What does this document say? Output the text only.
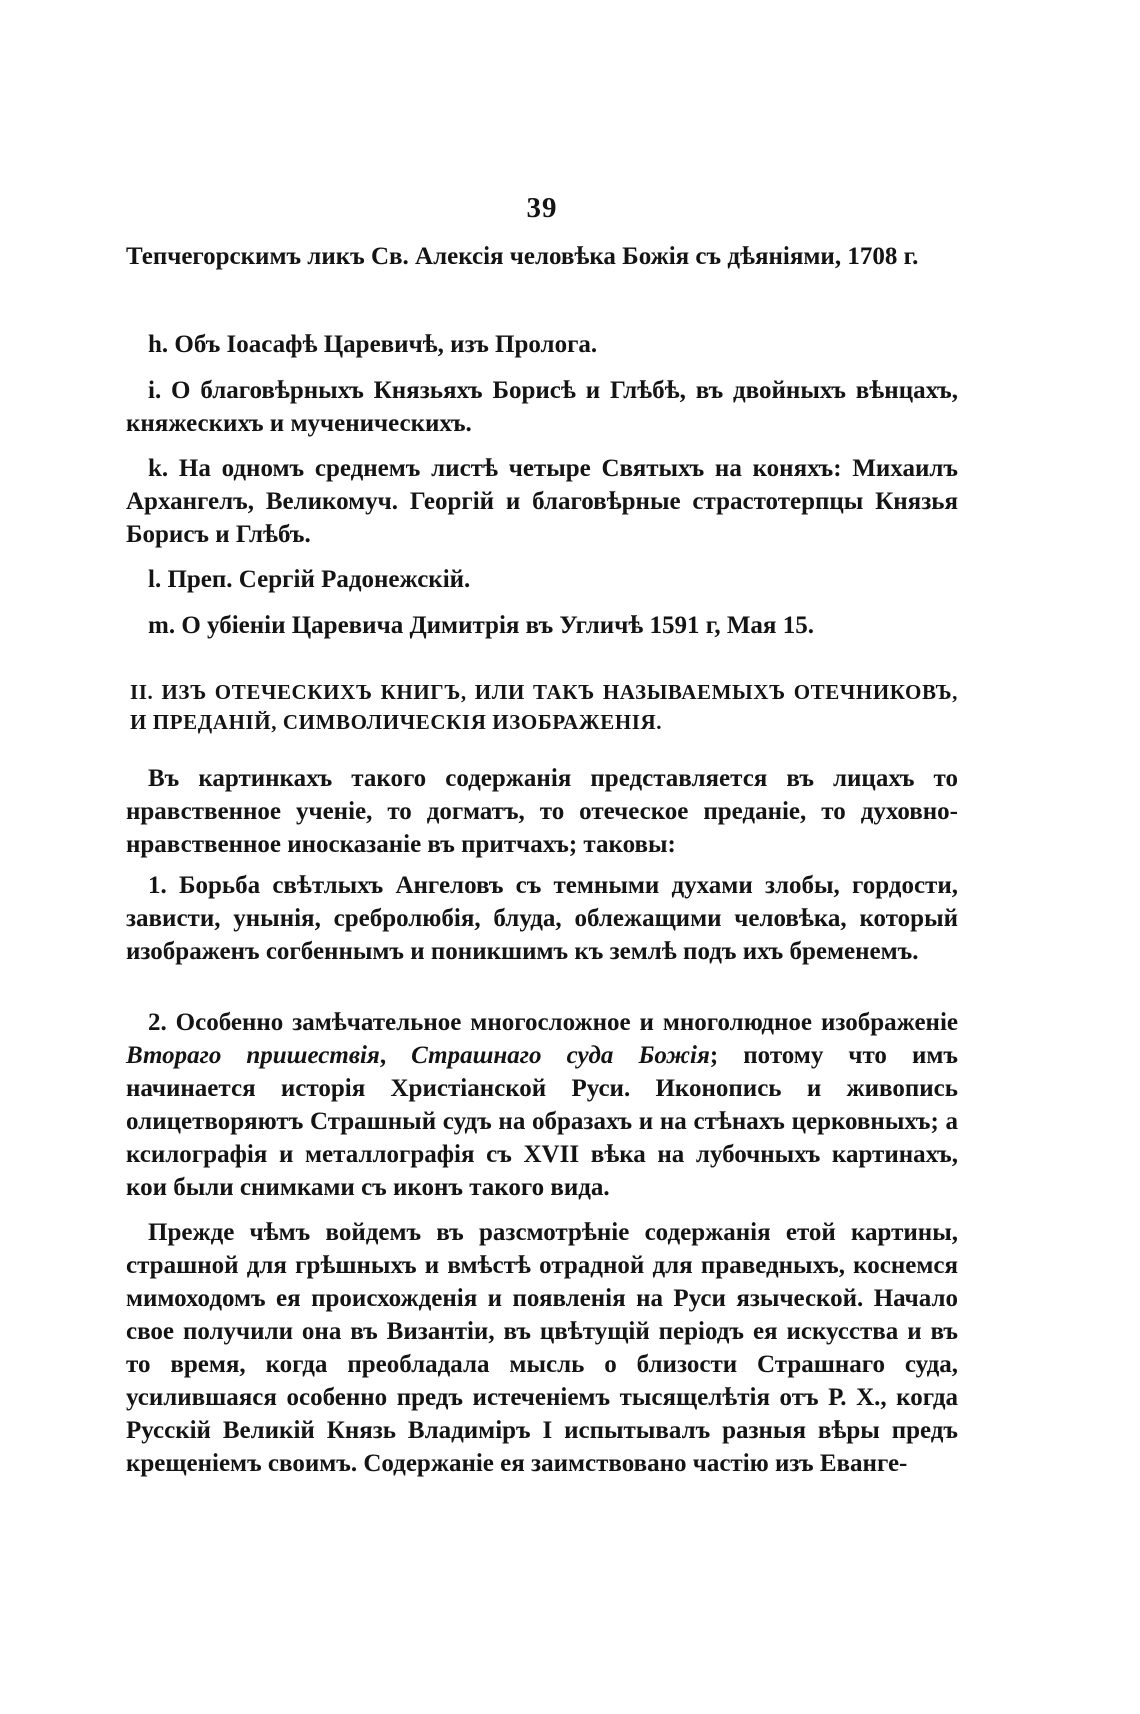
39

Тепчегорскимъ ликъ Св. Алексія человѣка Божія съ дѣяніями, 1708 г.

h. Объ Іоасафѣ Царевичѣ, изъ Пролога.

i. О благовѣрныхъ Князьяхъ Борисѣ и Глѣбѣ, въ двойныхъ вѣнцахъ, княжескихъ и мученическихъ.

k. На одномъ среднемъ листѣ четыре Святыхъ на коняхъ: Михаилъ Архангелъ, Великомуч. Георгій и благовѣрные страстотерпцы Князья Борисъ и Глѣбъ.

l. Преп. Сергій Радонежскій.

m. О убіеніи Царевича Димитрія въ Угличѣ 1591 г, Мая 15.

II. ИЗЪ ОТЕЧЕСКИХЪ КНИГЪ, ИЛИ ТАКЪ НАЗЫВАЕМЫХЪ ОТЕЧНИКОВЪ, И ПРЕДАНІЙ, СИМВОЛИЧЕСКІЯ ИЗОБРАЖЕНІЯ.

Въ картинкахъ такого содержанія представляется въ лицахъ то нравственное ученіе, то догматъ, то отеческое преданіе, то духовно-нравственное иносказаніе въ притчахъ; таковы:

1. Борьба свѣтлыхъ Ангеловъ съ темными духами злобы, гордости, зависти, унынія, сребролюбія, блуда, облежащими человѣка, который изображенъ согбеннымъ и поникшимъ къ землѣ подъ ихъ бременемъ.

2. Особенно замѣчательное многосложное и многолюдное изображеніе Втораго пришествія, Страшнаго суда Божія; потому что имъ начинается исторія Христіанской Руси. Иконопись и живопись олицетворяютъ Страшный судъ на образахъ и на стѣнахъ церковныхъ; а ксилографія и металлографія съ XVII вѣка на лубочныхъ картинахъ, кои были снимками съ иконъ такого вида.

Прежде чѣмъ войдемъ въ разсмотрѣніе содержанія етой картины, страшной для грѣшныхъ и вмѣстѣ отрадной для праведныхъ, коснемся мимоходомъ ея происхожденія и появленія на Руси языческой. Начало свое получили она въ Византіи, въ цвѣтущій періодъ ея искусства и въ то время, когда преобладала мысль о близости Страшнаго суда, усилившаяся особенно предъ истеченіемъ тысящелѣтія отъ Р. Х., когда Русскій Великій Князь Владиміръ I испытывалъ разныя вѣры предъ крещеніемъ своимъ. Содержаніе ея заимствовано частію изъ Еванге-
